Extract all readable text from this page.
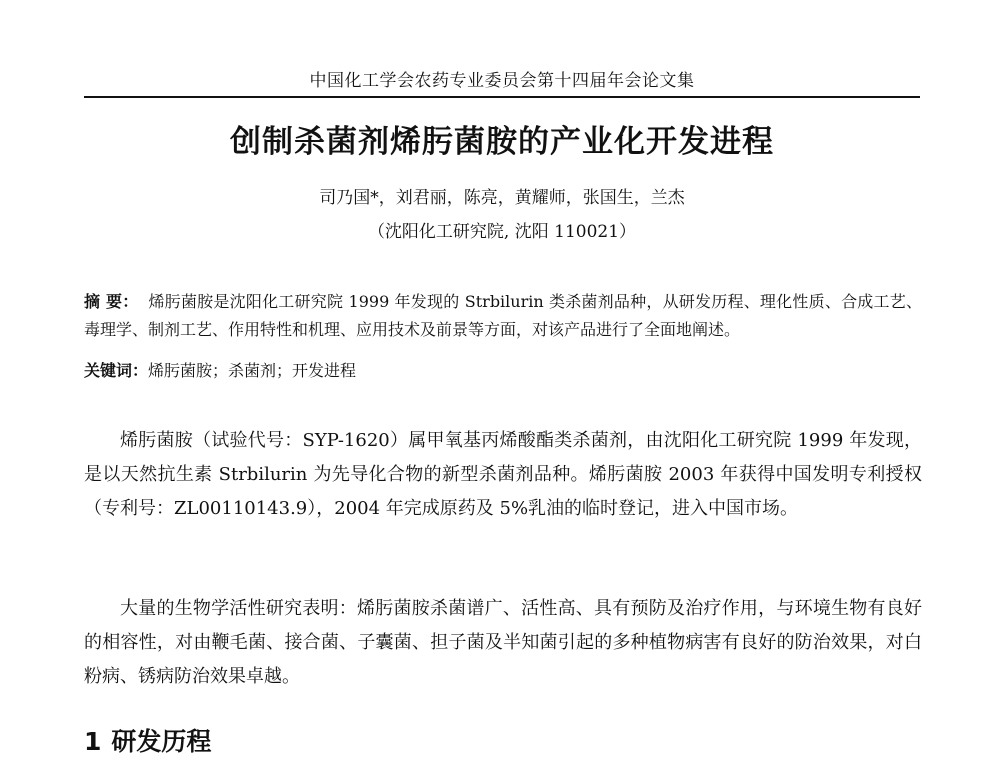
中国化工学会农药专业委员会第十四届年会论文集
创制杀菌剂烯肟菌胺的产业化开发进程
司乃国*，刘君丽，陈亮，黄耀师，张国生，兰杰
（沈阳化工研究院, 沈阳 110021）
摘 要： 烯肟菌胺是沈阳化工研究院 1999 年发现的 Strbilurin 类杀菌剂品种，从研发历程、理化性质、合成工艺、毒理学、制剂工艺、作用特性和机理、应用技术及前景等方面，对该产品进行了全面地阐述。
关键词：烯肟菌胺；杀菌剂；开发进程

烯肟菌胺（试验代号：SYP-1620）属甲氧基丙烯酸酯类杀菌剂，由沈阳化工研究院 1999 年发现，是以天然抗生素 Strbilurin 为先导化合物的新型杀菌剂品种。烯肟菌胺 2003 年获得中国发明专利授权（专利号：ZL00110143.9），2004 年完成原药及 5%乳油的临时登记，进入中国市场。

大量的生物学活性研究表明：烯肟菌胺杀菌谱广、活性高、具有预防及治疗作用，与环境生物有良好的相容性，对由鞭毛菌、接合菌、子囊菌、担子菌及半知菌引起的多种植物病害有良好的防治效果，对白粉病、锈病防治效果卓越。

1 研发历程
